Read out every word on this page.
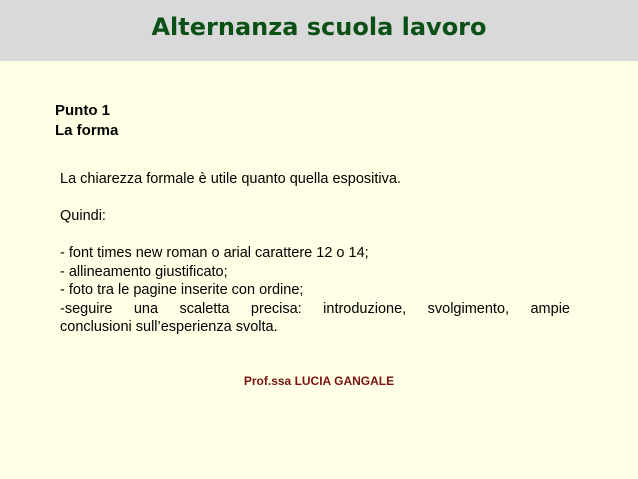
Alternanza scuola lavoro
Punto 1
La forma

La chiarezza formale è utile quanto quella espositiva.

Quindi:

- font times new roman o arial carattere 12 o 14;

- allineamento giustificato;

- foto tra le pagine inserite con ordine;

-seguire una scaletta precisa: introduzione, svolgimento, ampie

conclusioni sull’esperienza svolta.

Prof.ssa LUCIA GANGALE
